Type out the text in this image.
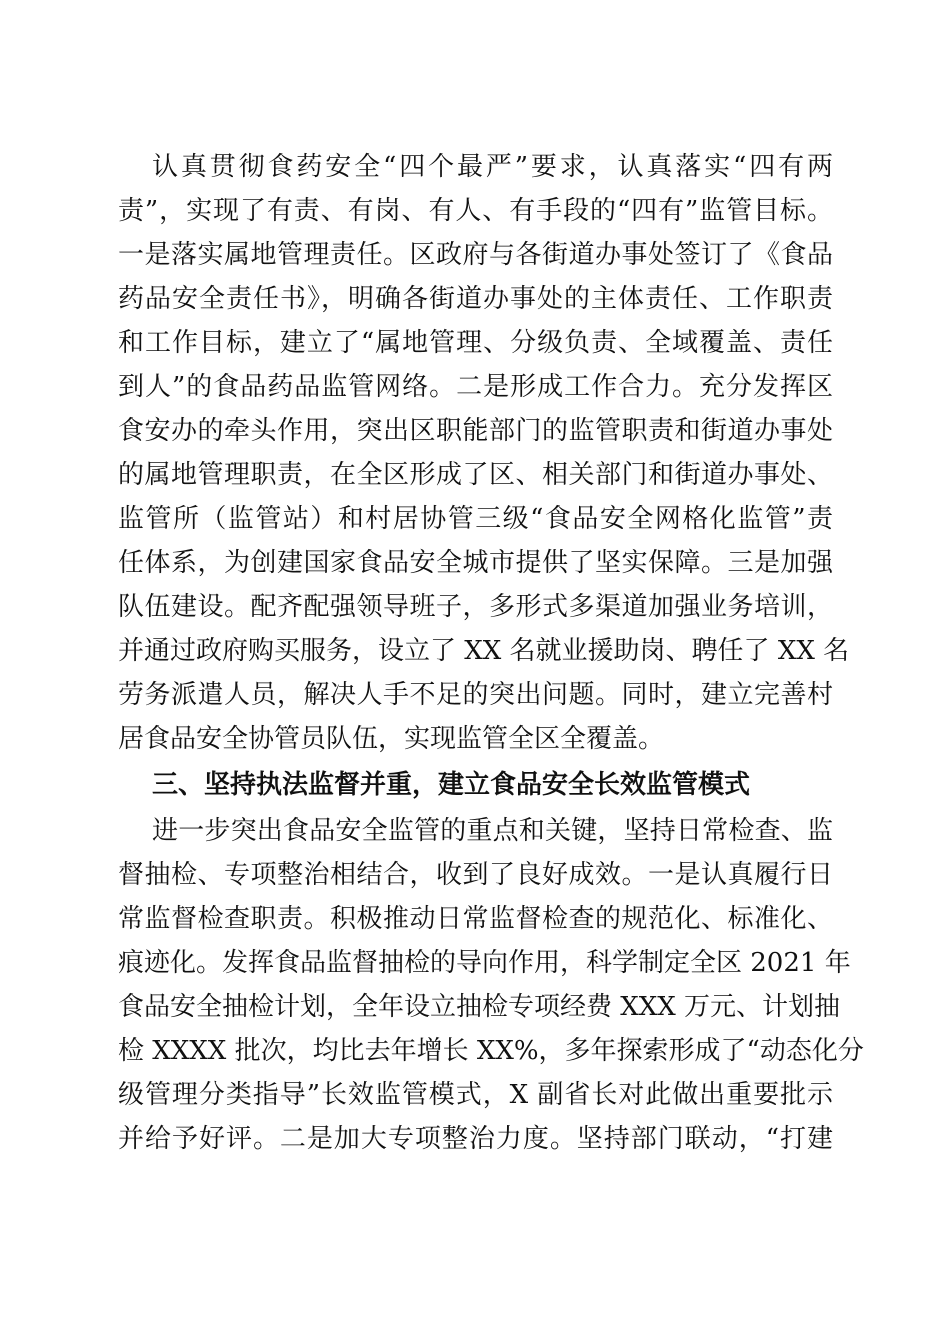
认真贯彻食药安全“四个最严”要求，认真落实“四有两
责”，实现了有责、有岗、有人、有手段的“四有”监管目标。
一是落实属地管理责任。区政府与各街道办事处签订了《食品
药品安全责任书》，明确各街道办事处的主体责任、工作职责
和工作目标，建立了“属地管理、分级负责、全域覆盖、责任
到人”的食品药品监管网络。二是形成工作合力。充分发挥区
食安办的牵头作用，突出区职能部门的监管职责和街道办事处
的属地管理职责，在全区形成了区、相关部门和街道办事处、
监管所（监管站）和村居协管三级“食品安全网格化监管”责
任体系，为创建国家食品安全城市提供了坚实保障。三是加强
队伍建设。配齐配强领导班子，多形式多渠道加强业务培训，
并通过政府购买服务，设立了 XX 名就业援助岗、聘任了 XX 名
劳务派遣人员，解决人手不足的突出问题。同时，建立完善村
居食品安全协管员队伍，实现监管全区全覆盖。
三、坚持执法监督并重，建立食品安全长效监管模式
进一步突出食品安全监管的重点和关键，坚持日常检查、监
督抽检、专项整治相结合，收到了良好成效。一是认真履行日
常监督检查职责。积极推动日常监督检查的规范化、标准化、
痕迹化。发挥食品监督抽检的导向作用，科学制定全区 2021 年
食品安全抽检计划，全年设立抽检专项经费 XXX 万元、计划抽
检 XXXX 批次，均比去年增长 XX%，多年探索形成了“动态化分
级管理分类指导”长效监管模式，X 副省长对此做出重要批示
并给予好评。二是加大专项整治力度。坚持部门联动，“打建
